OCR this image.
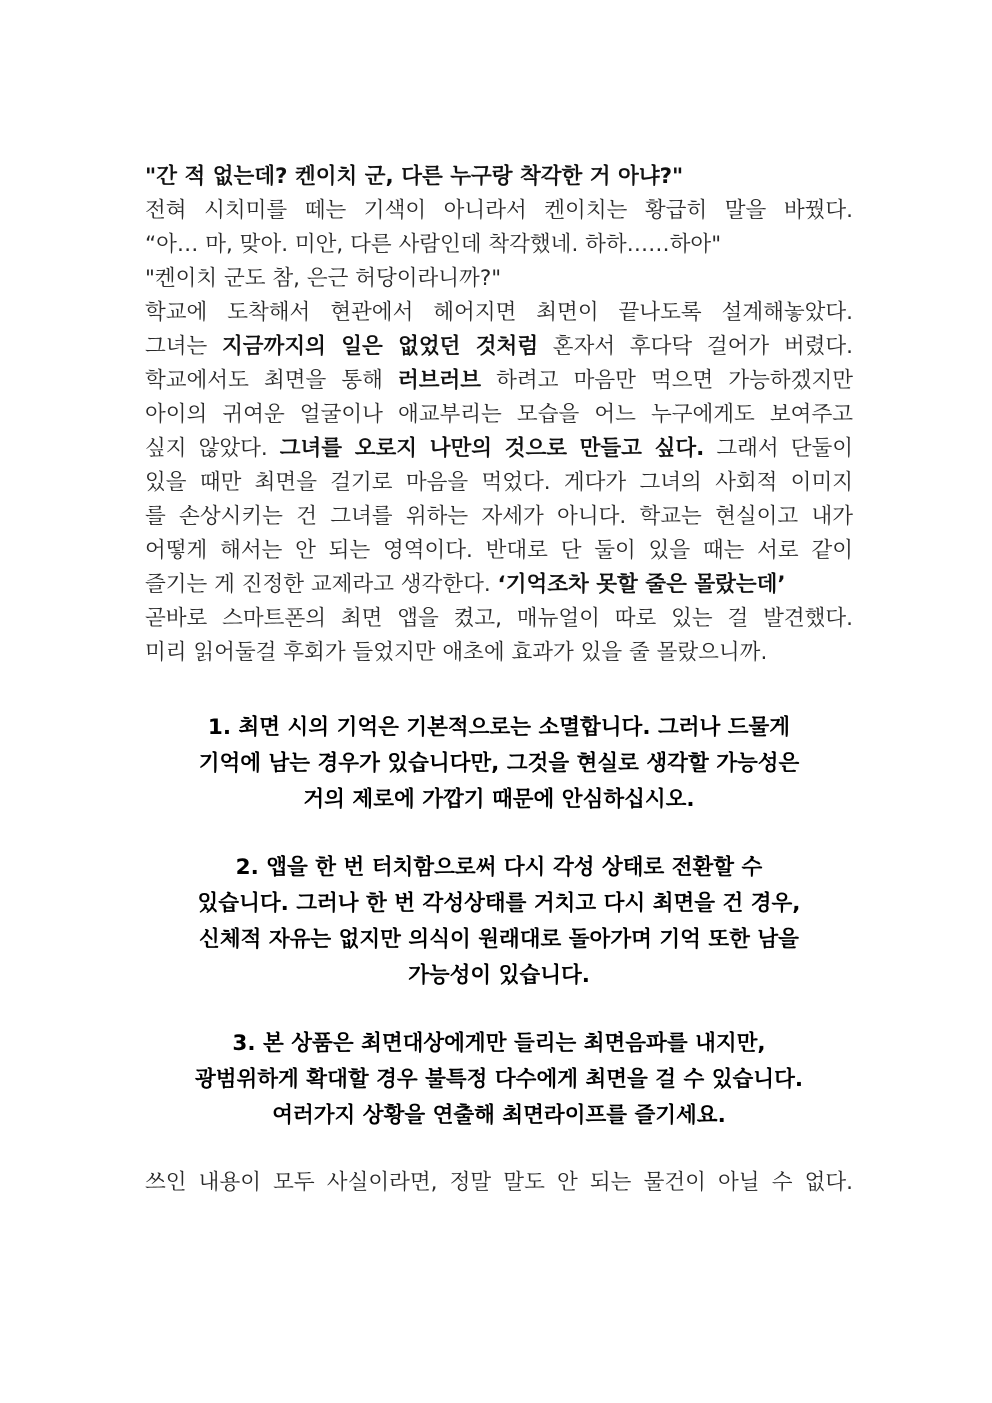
"간 적 없는데? 켄이치 군, 다른 누구랑 착각한 거 아냐?"
전혀 시치미를 떼는 기색이 아니라서 켄이치는 황급히 말을 바꿨다.
“아… 마, 맞아. 미안, 다른 사람인데 착각했네. 하하……하아"
"켄이치 군도 참, 은근 허당이라니까?"
학교에 도착해서 현관에서 헤어지면 최면이 끝나도록 설계해놓았다.
그녀는 지금까지의 일은 없었던 것처럼 혼자서 후다닥 걸어가 버렸다.
학교에서도 최면을 통해 러브러브 하려고 마음만 먹으면 가능하겠지만
아이의 귀여운 얼굴이나 애교부리는 모습을 어느 누구에게도 보여주고
싶지 않았다. 그녀를 오로지 나만의 것으로 만들고 싶다. 그래서 단둘이
있을 때만 최면을 걸기로 마음을 먹었다. 게다가 그녀의 사회적 이미지
를 손상시키는 건 그녀를 위하는 자세가 아니다. 학교는 현실이고 내가
어떻게 해서는 안 되는 영역이다. 반대로 단 둘이 있을 때는 서로 같이
즐기는 게 진정한 교제라고 생각한다. ‘기억조차 못할 줄은 몰랐는데’
곧바로 스마트폰의 최면 앱을 켰고, 매뉴얼이 따로 있는 걸 발견했다.
미리 읽어둘걸 후회가 들었지만 애초에 효과가 있을 줄 몰랐으니까.
1. 최면 시의 기억은 기본적으로는 소멸합니다. 그러나 드물게
기억에 남는 경우가 있습니다만, 그것을 현실로 생각할 가능성은
거의 제로에 가깝기 때문에 안심하십시오.
2. 앱을 한 번 터치함으로써 다시 각성 상태로 전환할 수
있습니다. 그러나 한 번 각성상태를 거치고 다시 최면을 건 경우,
신체적 자유는 없지만 의식이 원래대로 돌아가며 기억 또한 남을
가능성이 있습니다.
3. 본 상품은 최면대상에게만 들리는 최면음파를 내지만,
광범위하게 확대할 경우 불특정 다수에게 최면을 걸 수 있습니다.
여러가지 상황을 연출해 최면라이프를 즐기세요.
쓰인 내용이 모두 사실이라면, 정말 말도 안 되는 물건이 아닐 수 없다.
